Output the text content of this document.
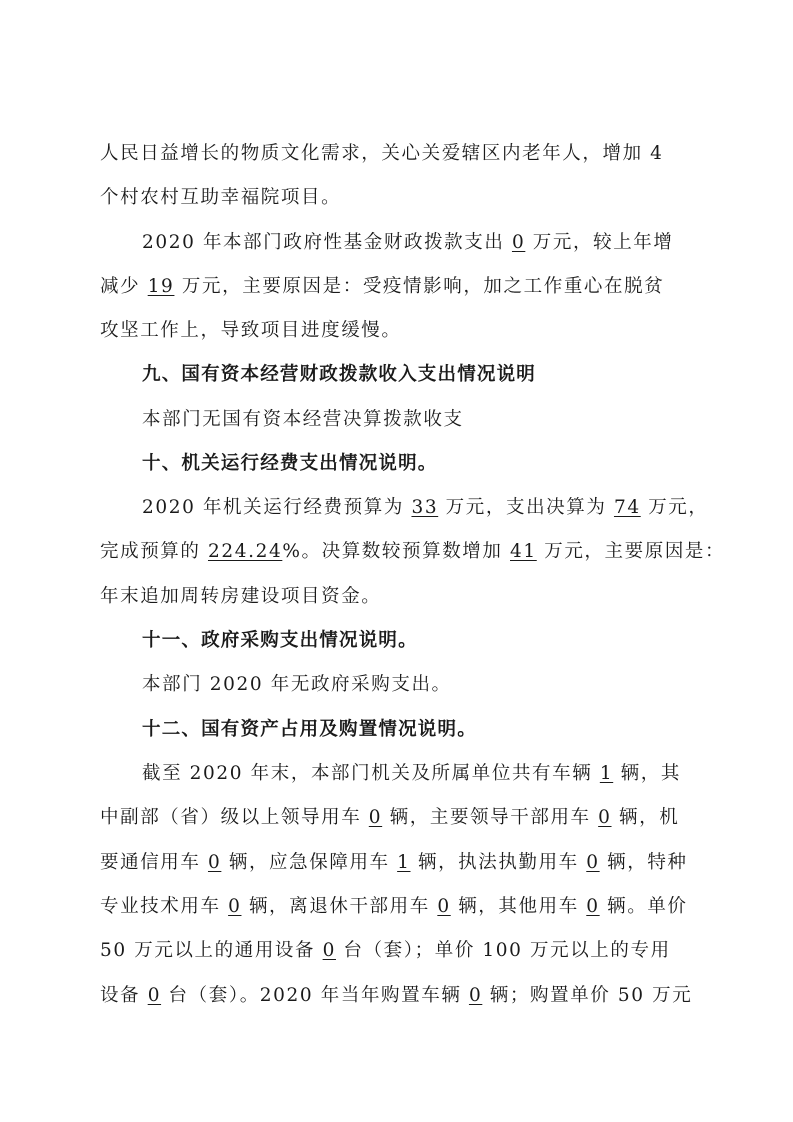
人民日益增长的物质文化需求，关心关爱辖区内老年人，增加 4

个村农村互助幸福院项目。

2020 年本部门政府性基金财政拨款支出 0 万元，较上年增

减少 19 万元，主要原因是：受疫情影响，加之工作重心在脱贫

攻坚工作上，导致项目进度缓慢。

九、国有资本经营财政拨款收入支出情况说明

本部门无国有资本经营决算拨款收支

十、机关运行经费支出情况说明。

2020 年机关运行经费预算为 33 万元，支出决算为 74 万元，

完成预算的 224.24%。决算数较预算数增加 41 万元，主要原因是：

年末追加周转房建设项目资金。

十一、政府采购支出情况说明。

本部门 2020 年无政府采购支出。

十二、国有资产占用及购置情况说明。

截至 2020 年末，本部门机关及所属单位共有车辆 1 辆，其

中副部（省）级以上领导用车 0 辆，主要领导干部用车 0 辆，机

要通信用车 0 辆，应急保障用车 1 辆，执法执勤用车 0 辆，特种

专业技术用车 0 辆，离退休干部用车 0 辆，其他用车 0 辆。单价

50 万元以上的通用设备 0 台（套）；单价 100 万元以上的专用

设备 0 台（套）。2020 年当年购置车辆 0 辆；购置单价 50 万元
